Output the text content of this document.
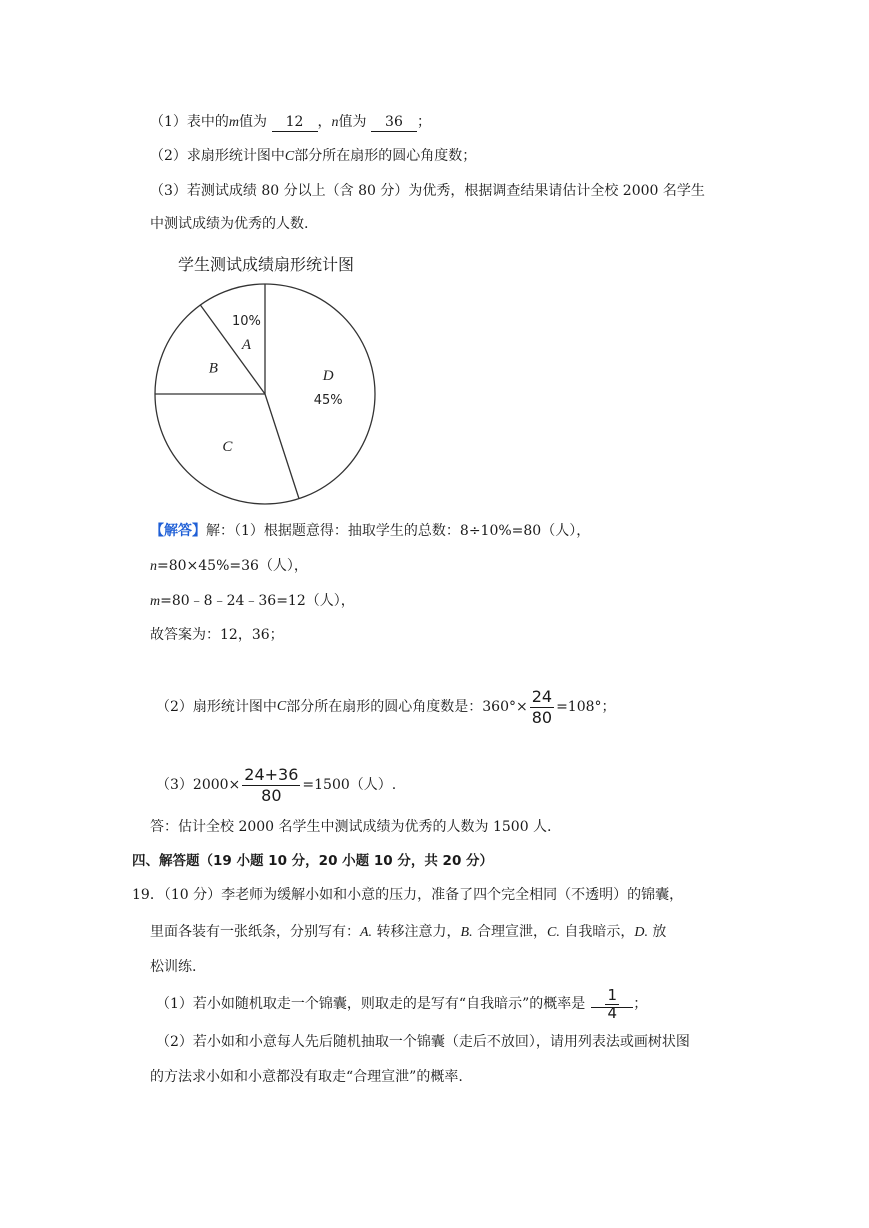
（1）表中的m值为 12 ，n值为 36 ；
（2）求扇形统计图中C部分所在扇形的圆心角度数；
（3）若测试成绩 80 分以上（含 80 分）为优秀，根据调查结果请估计全校 2000 名学生
中测试成绩为优秀的人数.
学生测试成绩扇形统计图
D
45%
C
B
A
10%
【解答】解：（1）根据题意得：抽取学生的总数：8÷10%=80（人），
n=80×45%=36（人），
m=80﹣8﹣24﹣36=12（人），
故答案为：12，36；
（2）扇形统计图中 C 部分所在扇形的圆心角度数是：$360^\circ\times \frac{24}{80} =108^\circ$；
$(3)2000\times \frac{24+36}{80} =1500$（人）.
答：估计全校 2000 名学生中测试成绩为优秀的人数为 1500 人.
四、解答题（19 小题 10 分，20 小题 10 分，共 20 分）
19．（10 分）李老师为缓解小如和小意的压力，准备了四个完全相同（不透明）的锦囊，
里面各装有一张纸条，分别写有：A. 转移注意力，B. 合理宣泄，C. 自我暗示，D. 放
松训练.
（1）若小如随机取走一个锦囊，则取走的是写有“自我暗示”的概率是 $\frac{1}{4}$ ；
（2）若小如和小意每人先后随机抽取一个锦囊（走后不放回），请用列表法或画树状图
的方法求小如和小意都没有取走“合理宣泄”的概率.
